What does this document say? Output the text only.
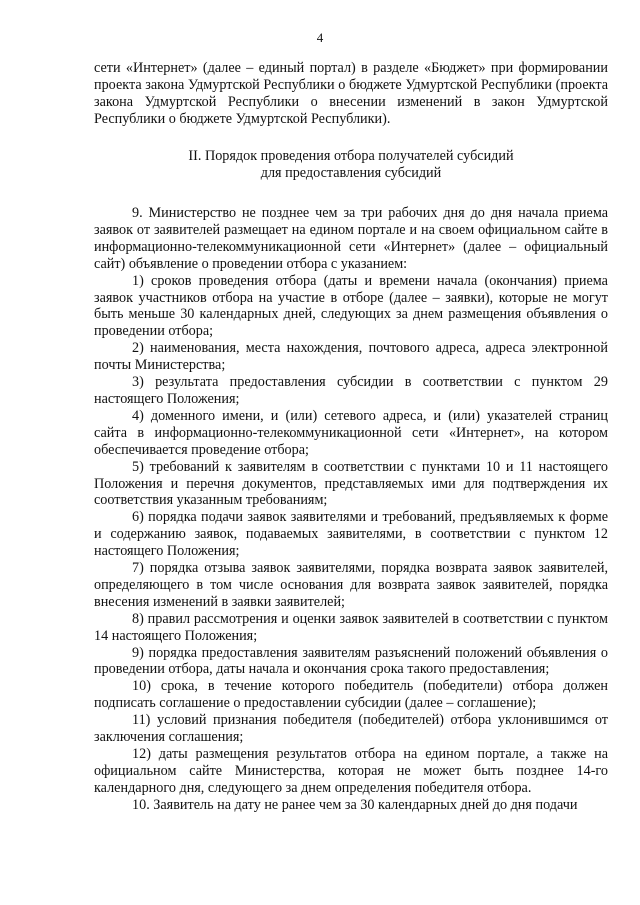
4

сети «Интернет» (далее – единый портал) в разделе «Бюджет» при формировании проекта закона Удмуртской Республики о бюджете Удмуртской Республики (проекта закона Удмуртской Республики о внесении изменений в закон Удмуртской Республики о бюджете Удмуртской Республики).

II. Порядок проведения отбора получателей субсидий
для предоставления субсидий

9. Министерство не позднее чем за три рабочих дня до дня начала приема заявок от заявителей размещает на едином портале и на своем официальном сайте в информационно-телекоммуникационной сети «Интернет» (далее – официальный сайт) объявление о проведении отбора с указанием:

1) сроков проведения отбора (даты и времени начала (окончания) приема заявок участников отбора на участие в отборе (далее – заявки), которые не могут быть меньше 30 календарных дней, следующих за днем размещения объявления о проведении отбора;

2) наименования, места нахождения, почтового адреса, адреса электронной почты Министерства;

3) результата предоставления субсидии в соответствии с пунктом 29 настоящего Положения;

4) доменного имени, и (или) сетевого адреса, и (или) указателей страниц сайта в информационно-телекоммуникационной сети «Интернет», на котором обеспечивается проведение отбора;

5) требований к заявителям в соответствии с пунктами 10 и 11 настоящего Положения и перечня документов, представляемых ими для подтверждения их соответствия указанным требованиям;

6) порядка подачи заявок заявителями и требований, предъявляемых к форме и содержанию заявок, подаваемых заявителями, в соответствии с пунктом 12 настоящего Положения;

7) порядка отзыва заявок заявителями, порядка возврата заявок заявителей, определяющего в том числе основания для возврата заявок заявителей, порядка внесения изменений в заявки заявителей;

8) правил рассмотрения и оценки заявок заявителей в соответствии с пунктом 14 настоящего Положения;

9) порядка предоставления заявителям разъяснений положений объявления о проведении отбора, даты начала и окончания срока такого предоставления;

10) срока, в течение которого победитель (победители) отбора должен подписать соглашение о предоставлении субсидии (далее – соглашение);

11) условий признания победителя (победителей) отбора уклонившимся от заключения соглашения;

12) даты размещения результатов отбора на едином портале, а также на официальном сайте Министерства, которая не может быть позднее 14-го календарного дня, следующего за днем определения победителя отбора.

10. Заявитель на дату не ранее чем за 30 календарных дней до дня подачи
